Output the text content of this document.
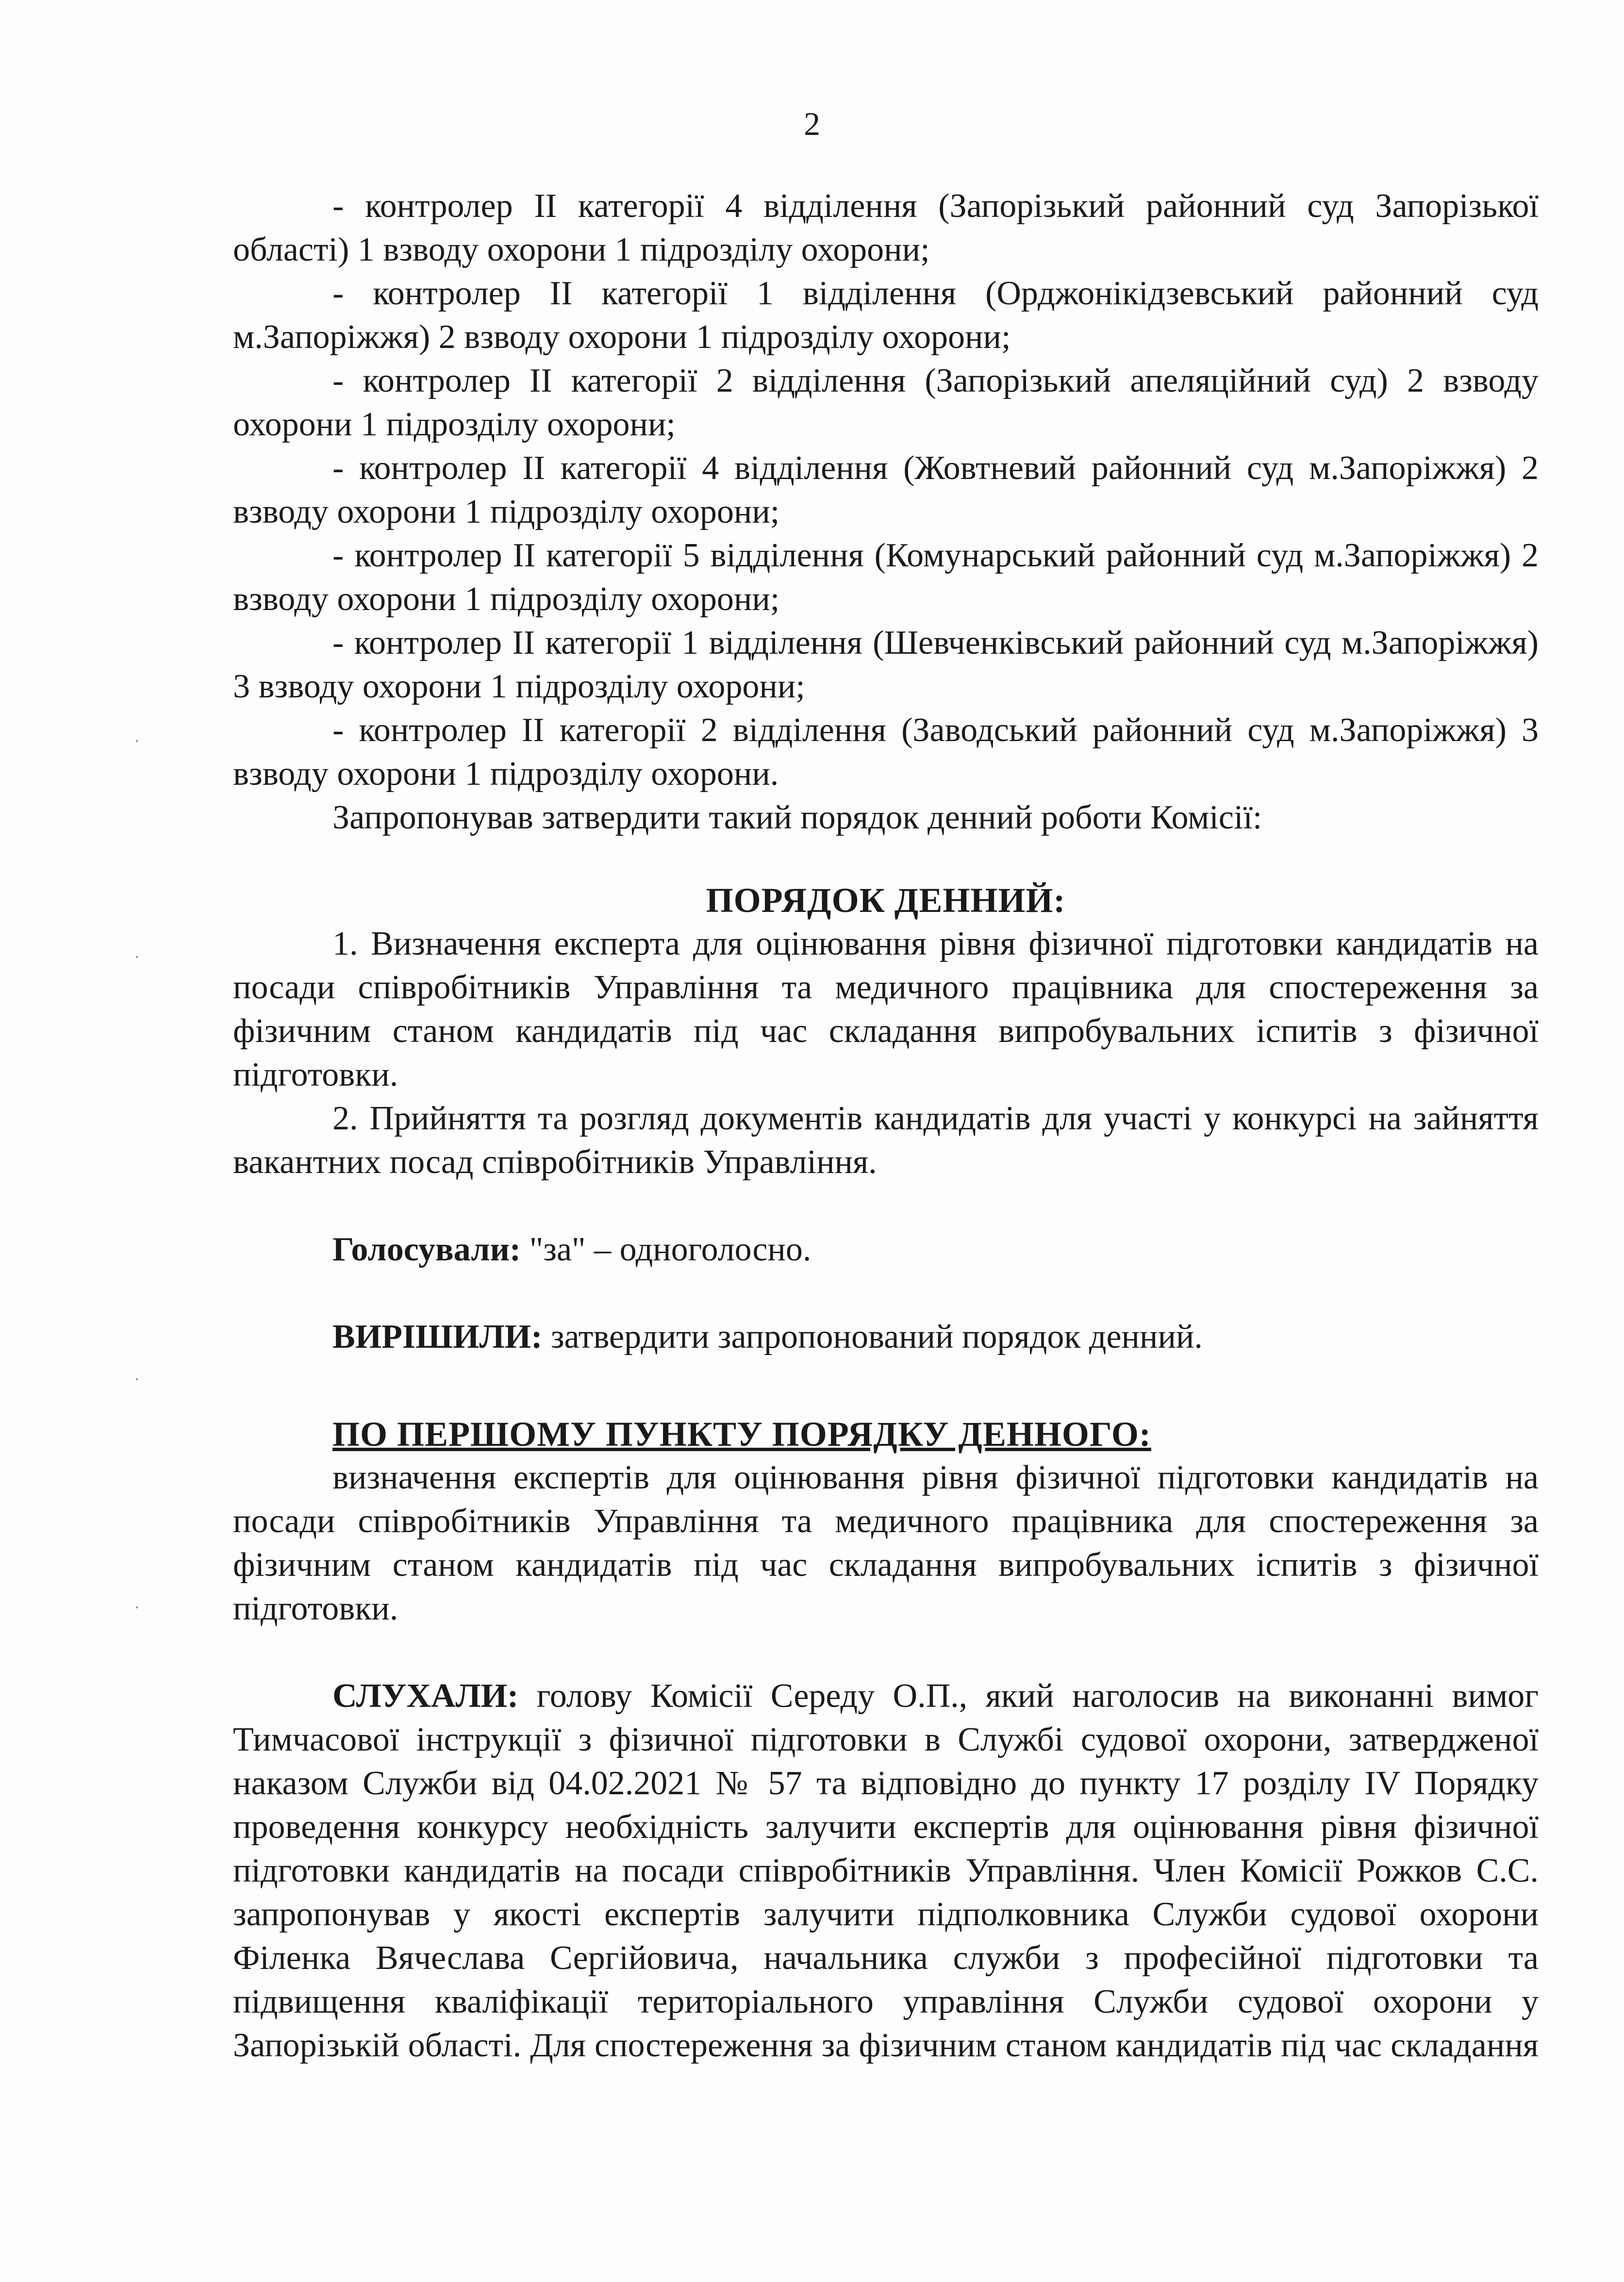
2

- контролер ІІ категорії 4 відділення (Запорізький районний суд Запорізької області) 1 взводу охорони 1 підрозділу охорони;

- контролер ІІ категорії 1 відділення (Орджонікідзевський районний суд м.Запоріжжя) 2 взводу охорони 1 підрозділу охорони;

- контролер ІІ категорії 2 відділення (Запорізький апеляційний суд) 2 взводу охорони 1 підрозділу охорони;

- контролер ІІ категорії 4 відділення (Жовтневий районний суд м.Запоріжжя) 2 взводу охорони 1 підрозділу охорони;

- контролер ІІ категорії 5 відділення (Комунарський районний суд м.Запоріжжя) 2 взводу охорони 1 підрозділу охорони;

- контролер ІІ категорії 1 відділення (Шевченківський районний суд м.Запоріжжя) 3 взводу охорони 1 підрозділу охорони;

- контролер ІІ категорії 2 відділення (Заводський районний суд м.Запоріжжя) 3 взводу охорони 1 підрозділу охорони.

Запропонував затвердити такий порядок денний роботи Комісії:

ПОРЯДОК ДЕННИЙ:

1. Визначення експерта для оцінювання рівня фізичної підготовки кандидатів на посади співробітників Управління та медичного працівника для спостереження за фізичним станом кандидатів під час складання випробувальних іспитів з фізичної підготовки.

2. Прийняття та розгляд документів кандидатів для участі у конкурсі на зайняття вакантних посад співробітників Управління.

Голосували: "за" – одноголосно.

ВИРІШИЛИ: затвердити запропонований порядок денний.

ПО ПЕРШОМУ ПУНКТУ ПОРЯДКУ ДЕННОГО:

визначення експертів для оцінювання рівня фізичної підготовки кандидатів на посади співробітників Управління та медичного працівника для спостереження за фізичним станом кандидатів під час складання випробувальних іспитів з фізичної підготовки.

СЛУХАЛИ: голову Комісії Середу О.П., який наголосив на виконанні вимог Тимчасової інструкції з фізичної підготовки в Службі судової охорони, затвердженої наказом Служби від 04.02.2021 № 57 та відповідно до пункту 17 розділу IV Порядку проведення конкурсу необхідність залучити експертів для оцінювання рівня фізичної підготовки кандидатів на посади співробітників Управління. Член Комісії Рожков С.С. запропонував у якості експертів залучити підполковника Служби судової охорони Філенка Вячеслава Сергійовича, начальника служби з професійної підготовки та підвищення кваліфікації територіального управління Служби судової охорони у Запорізькій області. Для спостереження за фізичним станом кандидатів під час складання
